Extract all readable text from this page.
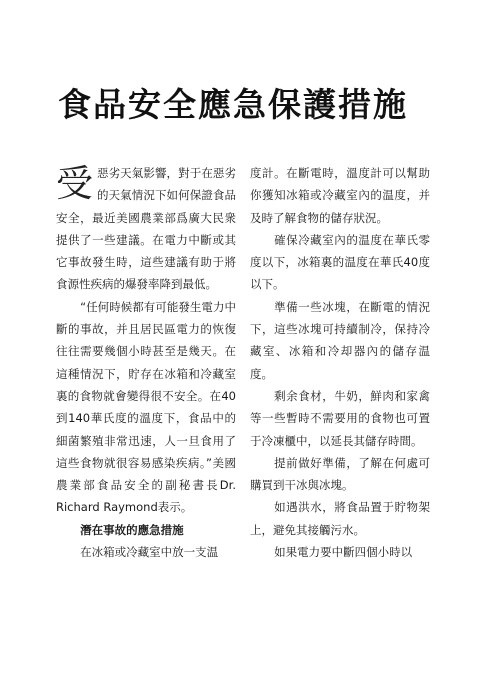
食品安全應急保護措施

受惡劣天氣影響，對于在惡劣的天氣情況下如何保證食品安全，最近美國農業部爲廣大民衆提供了一些建議。在電力中斷或其它事故發生時，這些建議有助于將食源性疾病的爆發率降到最低。

“任何時候都有可能發生電力中斷的事故，并且居民區電力的恢復往往需要幾個小時甚至是幾天。在這種情況下，貯存在冰箱和冷藏室裏的食物就會變得很不安全。在40到140華氏度的溫度下，食品中的細菌繁殖非常迅速，人一旦食用了這些食物就很容易感染疾病。”美國農業部食品安全的副秘書長Dr. Richard Raymond表示。

潛在事故的應急措施

在冰箱或冷藏室中放一支温

度計。在斷電時，溫度計可以幫助你獲知冰箱或冷藏室內的温度，并及時了解食物的儲存狀況。

確保冷藏室內的温度在華氏零度以下，冰箱裏的温度在華氏40度以下。

準備一些冰塊，在斷電的情況下，這些冰塊可持續制冷，保持冷藏室、冰箱和冷却器內的儲存温度。

剩余食材，牛奶，鮮肉和家禽等一些暫時不需要用的食物也可置于冷凍櫃中，以延長其儲存時間。

提前做好準備，了解在何處可購買到干冰與冰塊。

如遇洪水，將食品置于貯物架上，避免其接觸污水。

如果電力要中斷四個小時以
